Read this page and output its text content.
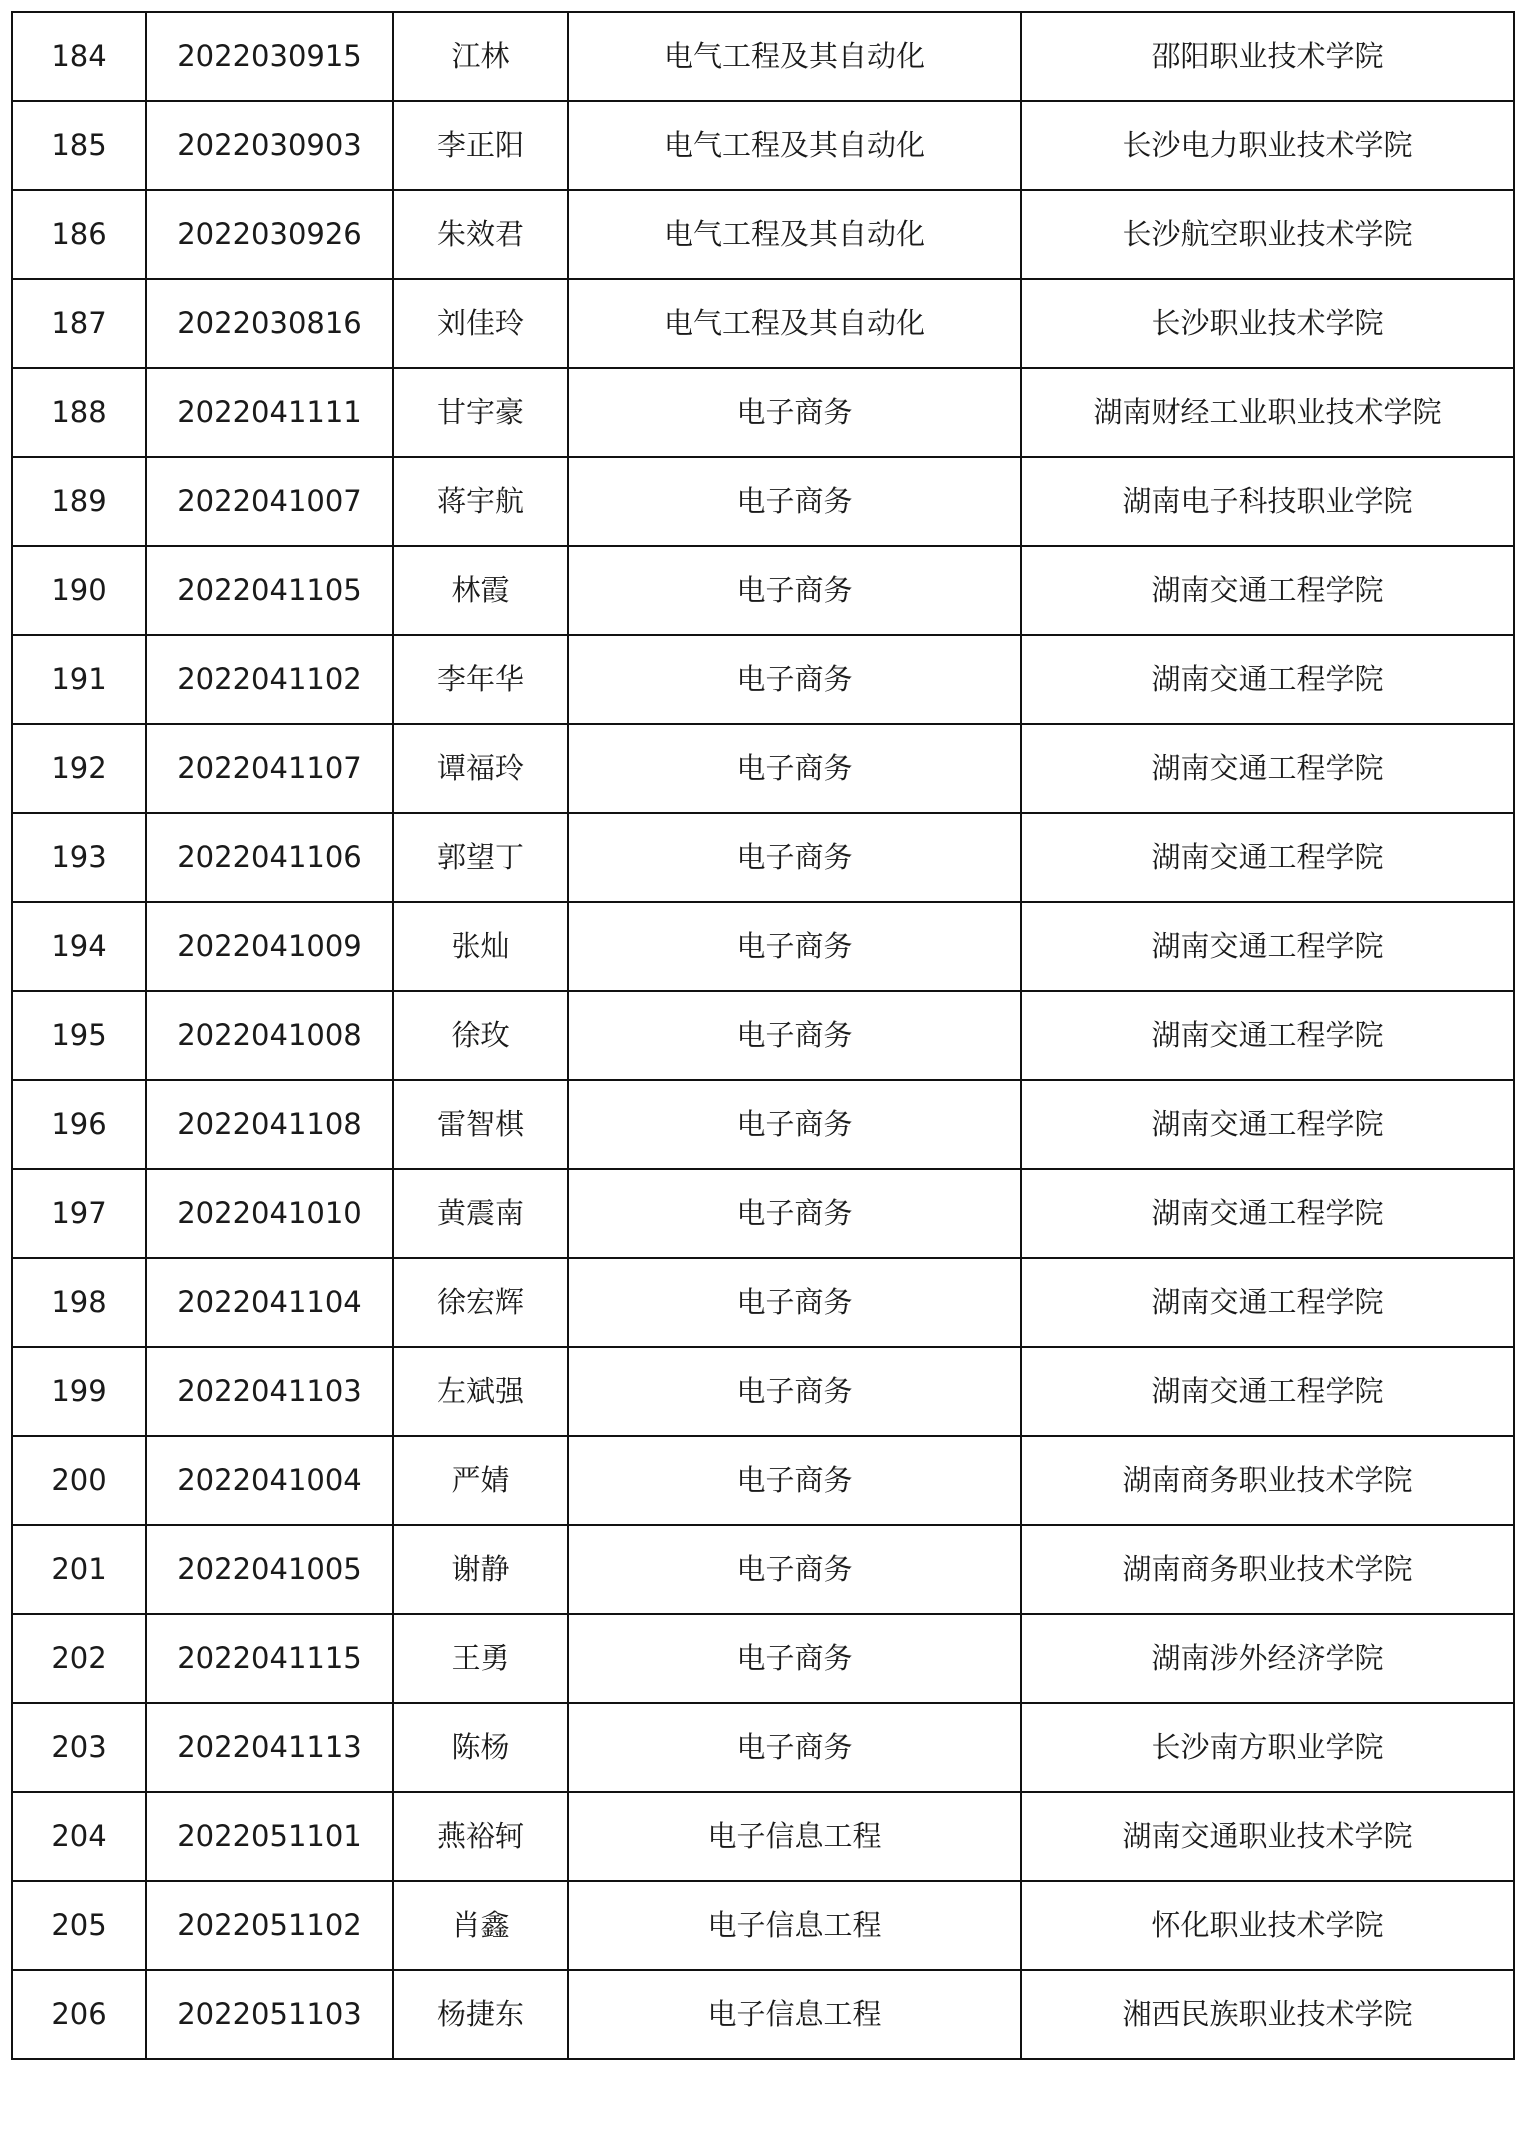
184	2022030915	江林	电气工程及其自动化	邵阳职业技术学院
185	2022030903	李正阳	电气工程及其自动化	长沙电力职业技术学院
186	2022030926	朱效君	电气工程及其自动化	长沙航空职业技术学院
187	2022030816	刘佳玲	电气工程及其自动化	长沙职业技术学院
188	2022041111	甘宇豪	电子商务	湖南财经工业职业技术学院
189	2022041007	蒋宇航	电子商务	湖南电子科技职业学院
190	2022041105	林霞	电子商务	湖南交通工程学院
191	2022041102	李年华	电子商务	湖南交通工程学院
192	2022041107	谭福玲	电子商务	湖南交通工程学院
193	2022041106	郭望丁	电子商务	湖南交通工程学院
194	2022041009	张灿	电子商务	湖南交通工程学院
195	2022041008	徐玫	电子商务	湖南交通工程学院
196	2022041108	雷智棋	电子商务	湖南交通工程学院
197	2022041010	黄震南	电子商务	湖南交通工程学院
198	2022041104	徐宏辉	电子商务	湖南交通工程学院
199	2022041103	左斌强	电子商务	湖南交通工程学院
200	2022041004	严婧	电子商务	湖南商务职业技术学院
201	2022041005	谢静	电子商务	湖南商务职业技术学院
202	2022041115	王勇	电子商务	湖南涉外经济学院
203	2022041113	陈杨	电子商务	长沙南方职业学院
204	2022051101	燕裕轲	电子信息工程	湖南交通职业技术学院
205	2022051102	肖鑫	电子信息工程	怀化职业技术学院
206	2022051103	杨捷东	电子信息工程	湘西民族职业技术学院
